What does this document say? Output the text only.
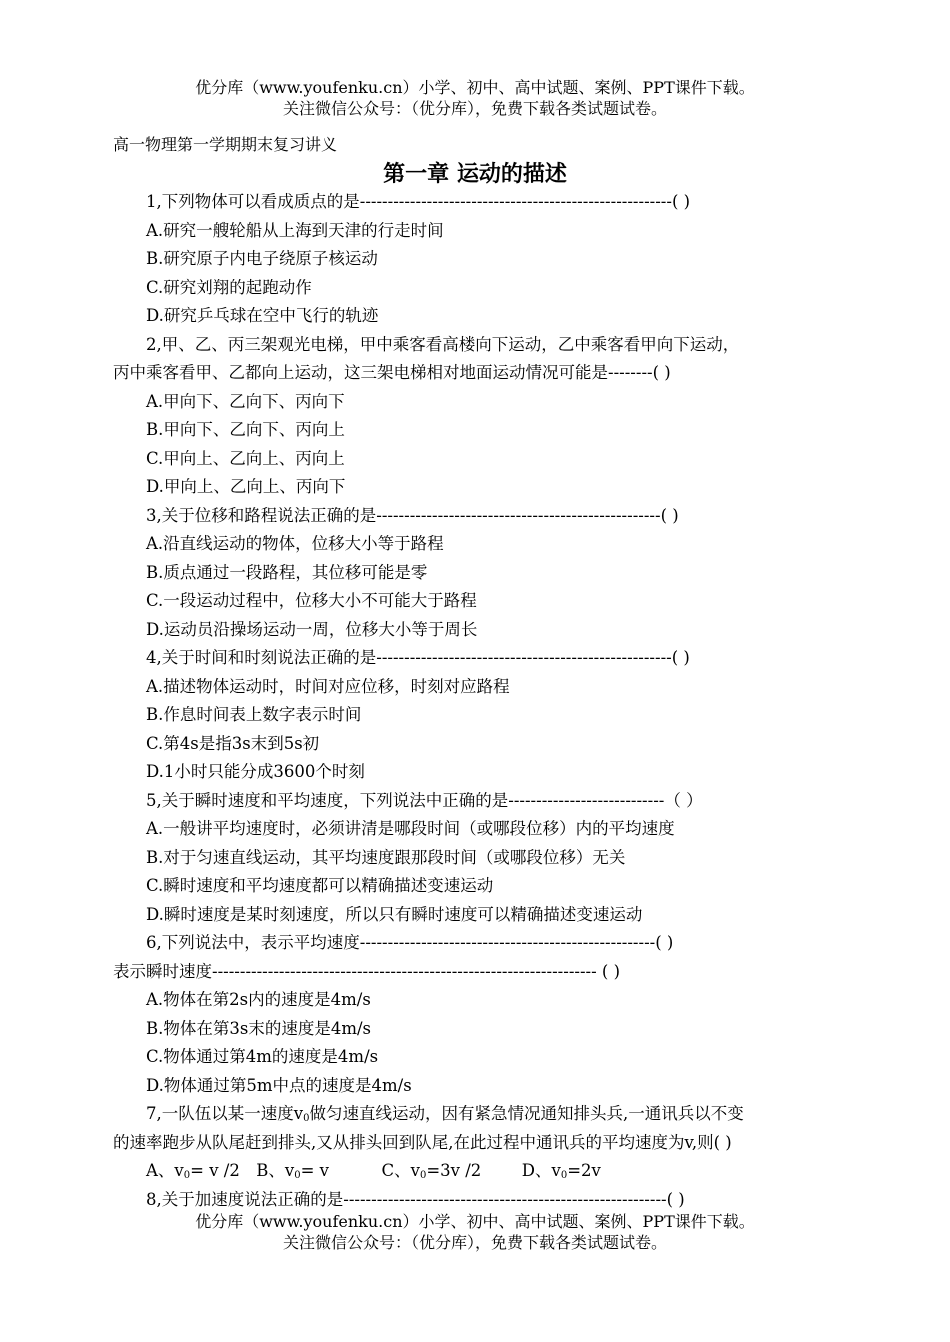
优分库（www.youfenku.cn）小学、初中、高中试题、案例、PPT课件下载。
关注微信公众号：（优分库），免费下载各类试题试卷。
高一物理第一学期期末复习讲义
第一章 运动的描述
1,下列物体可以看成质点的是--------------------------------------------------------( )
A.研究一艘轮船从上海到天津的行走时间
B.研究原子内电子绕原子核运动
C.研究刘翔的起跑动作
D.研究乒乓球在空中飞行的轨迹
2,甲、乙、丙三架观光电梯，甲中乘客看高楼向下运动，乙中乘客看甲向下运动，
丙中乘客看甲、乙都向上运动，这三架电梯相对地面运动情况可能是--------( )
A.甲向下、乙向下、丙向下
B.甲向下、乙向下、丙向上
C.甲向上、乙向上、丙向上
D.甲向上、乙向上、丙向下
3,关于位移和路程说法正确的是---------------------------------------------------( )
A.沿直线运动的物体，位移大小等于路程
B.质点通过一段路程，其位移可能是零
C.一段运动过程中，位移大小不可能大于路程
D.运动员沿操场运动一周，位移大小等于周长
4,关于时间和时刻说法正确的是-----------------------------------------------------( )
A.描述物体运动时，时间对应位移，时刻对应路程
B.作息时间表上数字表示时间
C.第4s是指3s末到5s初
D.1小时只能分成3600个时刻
5,关于瞬时速度和平均速度，下列说法中正确的是----------------------------（ ）
A.一般讲平均速度时，必须讲清是哪段时间（或哪段位移）内的平均速度
B.对于匀速直线运动，其平均速度跟那段时间（或哪段位移）无关
C.瞬时速度和平均速度都可以精确描述变速运动
D.瞬时速度是某时刻速度，所以只有瞬时速度可以精确描述变速运动
6,下列说法中，表示平均速度-----------------------------------------------------( )
表示瞬时速度--------------------------------------------------------------------- ( )
A.物体在第2s内的速度是4m/s
B.物体在第3s末的速度是4m/s
C.物体通过第4m的速度是4m/s
D.物体通过第5m中点的速度是4m/s
7,一队伍以某一速度$v_0$做匀速直线运动，因有紧急情况通知排头兵,一通讯兵以不变
的速率跑步从队尾赶到排头,又从排头回到队尾,在此过程中通讯兵的平均速度为v,则( )
A、$v_0= v$ /2 B、$v_0= v$	C、$v_0=3v$ /2 D、$v_0=2v$
8,关于加速度说法正确的是----------------------------------------------------------( )
优分库（www.youfenku.cn）小学、初中、高中试题、案例、PPT课件下载。
关注微信公众号：（优分库），免费下载各类试题试卷。
